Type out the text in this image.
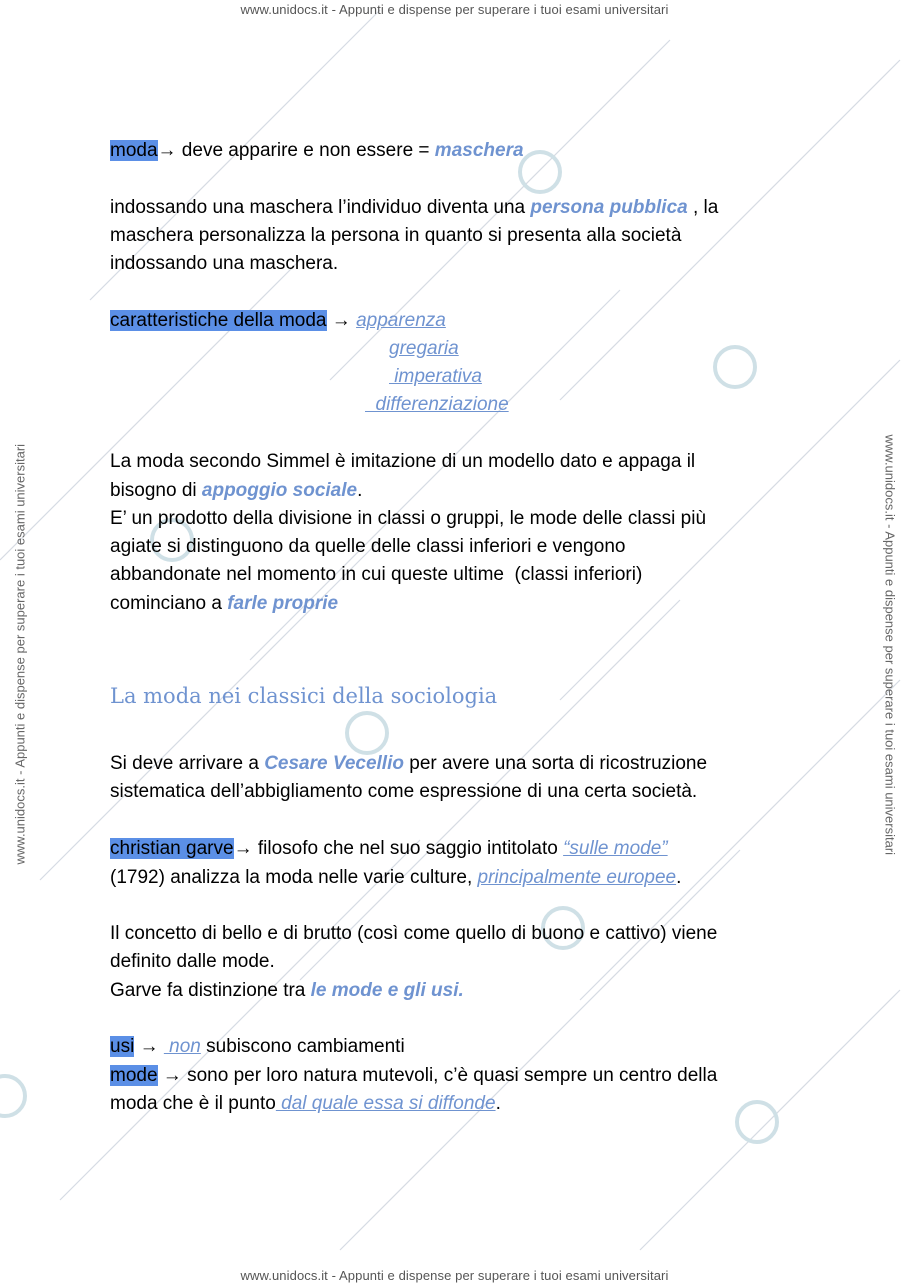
www.unidocs.it - Appunti e dispense per superare i tuoi esami universitari
www.unidocs.it - Appunti e dispense per superare i tuoi esami universitari
www.unidocs.it - Appunti e dispense per superare i tuoi esami universitari	www.unidocs.it - Appunti e dispense per superare i tuoi esami universitari
moda→ deve apparire e non essere = maschera
indossando una maschera l’individuo diventa una persona pubblica , la
maschera personalizza la persona in quanto si presenta alla società
indossando una maschera.
caratteristiche della moda → apparenza
gregaria
imperativa
differenziazione
La moda secondo Simmel è imitazione di un modello dato e appaga il
bisogno di appoggio sociale.
E’ un prodotto della divisione in classi o gruppi, le mode delle classi più
agiate si distinguono da quelle delle classi inferiori e vengono
abbandonate nel momento in cui queste ultime  (classi inferiori)
cominciano a farle proprie
La moda nei classici della sociologia
Si deve arrivare a Cesare Vecellio per avere una sorta di ricostruzione
sistematica dell’abbigliamento come espressione di una certa società.
christian garve→ filosofo che nel suo saggio intitolato “sulle mode”
(1792) analizza la moda nelle varie culture, principalmente europee.
Il concetto di bello e di brutto (così come quello di buono e cattivo) viene
definito dalle mode.
Garve fa distinzione tra le mode e gli usi.
usi →  non subiscono cambiamenti
mode → sono per loro natura mutevoli, c’è quasi sempre un centro della
moda che è il punto dal quale essa si diffonde.
